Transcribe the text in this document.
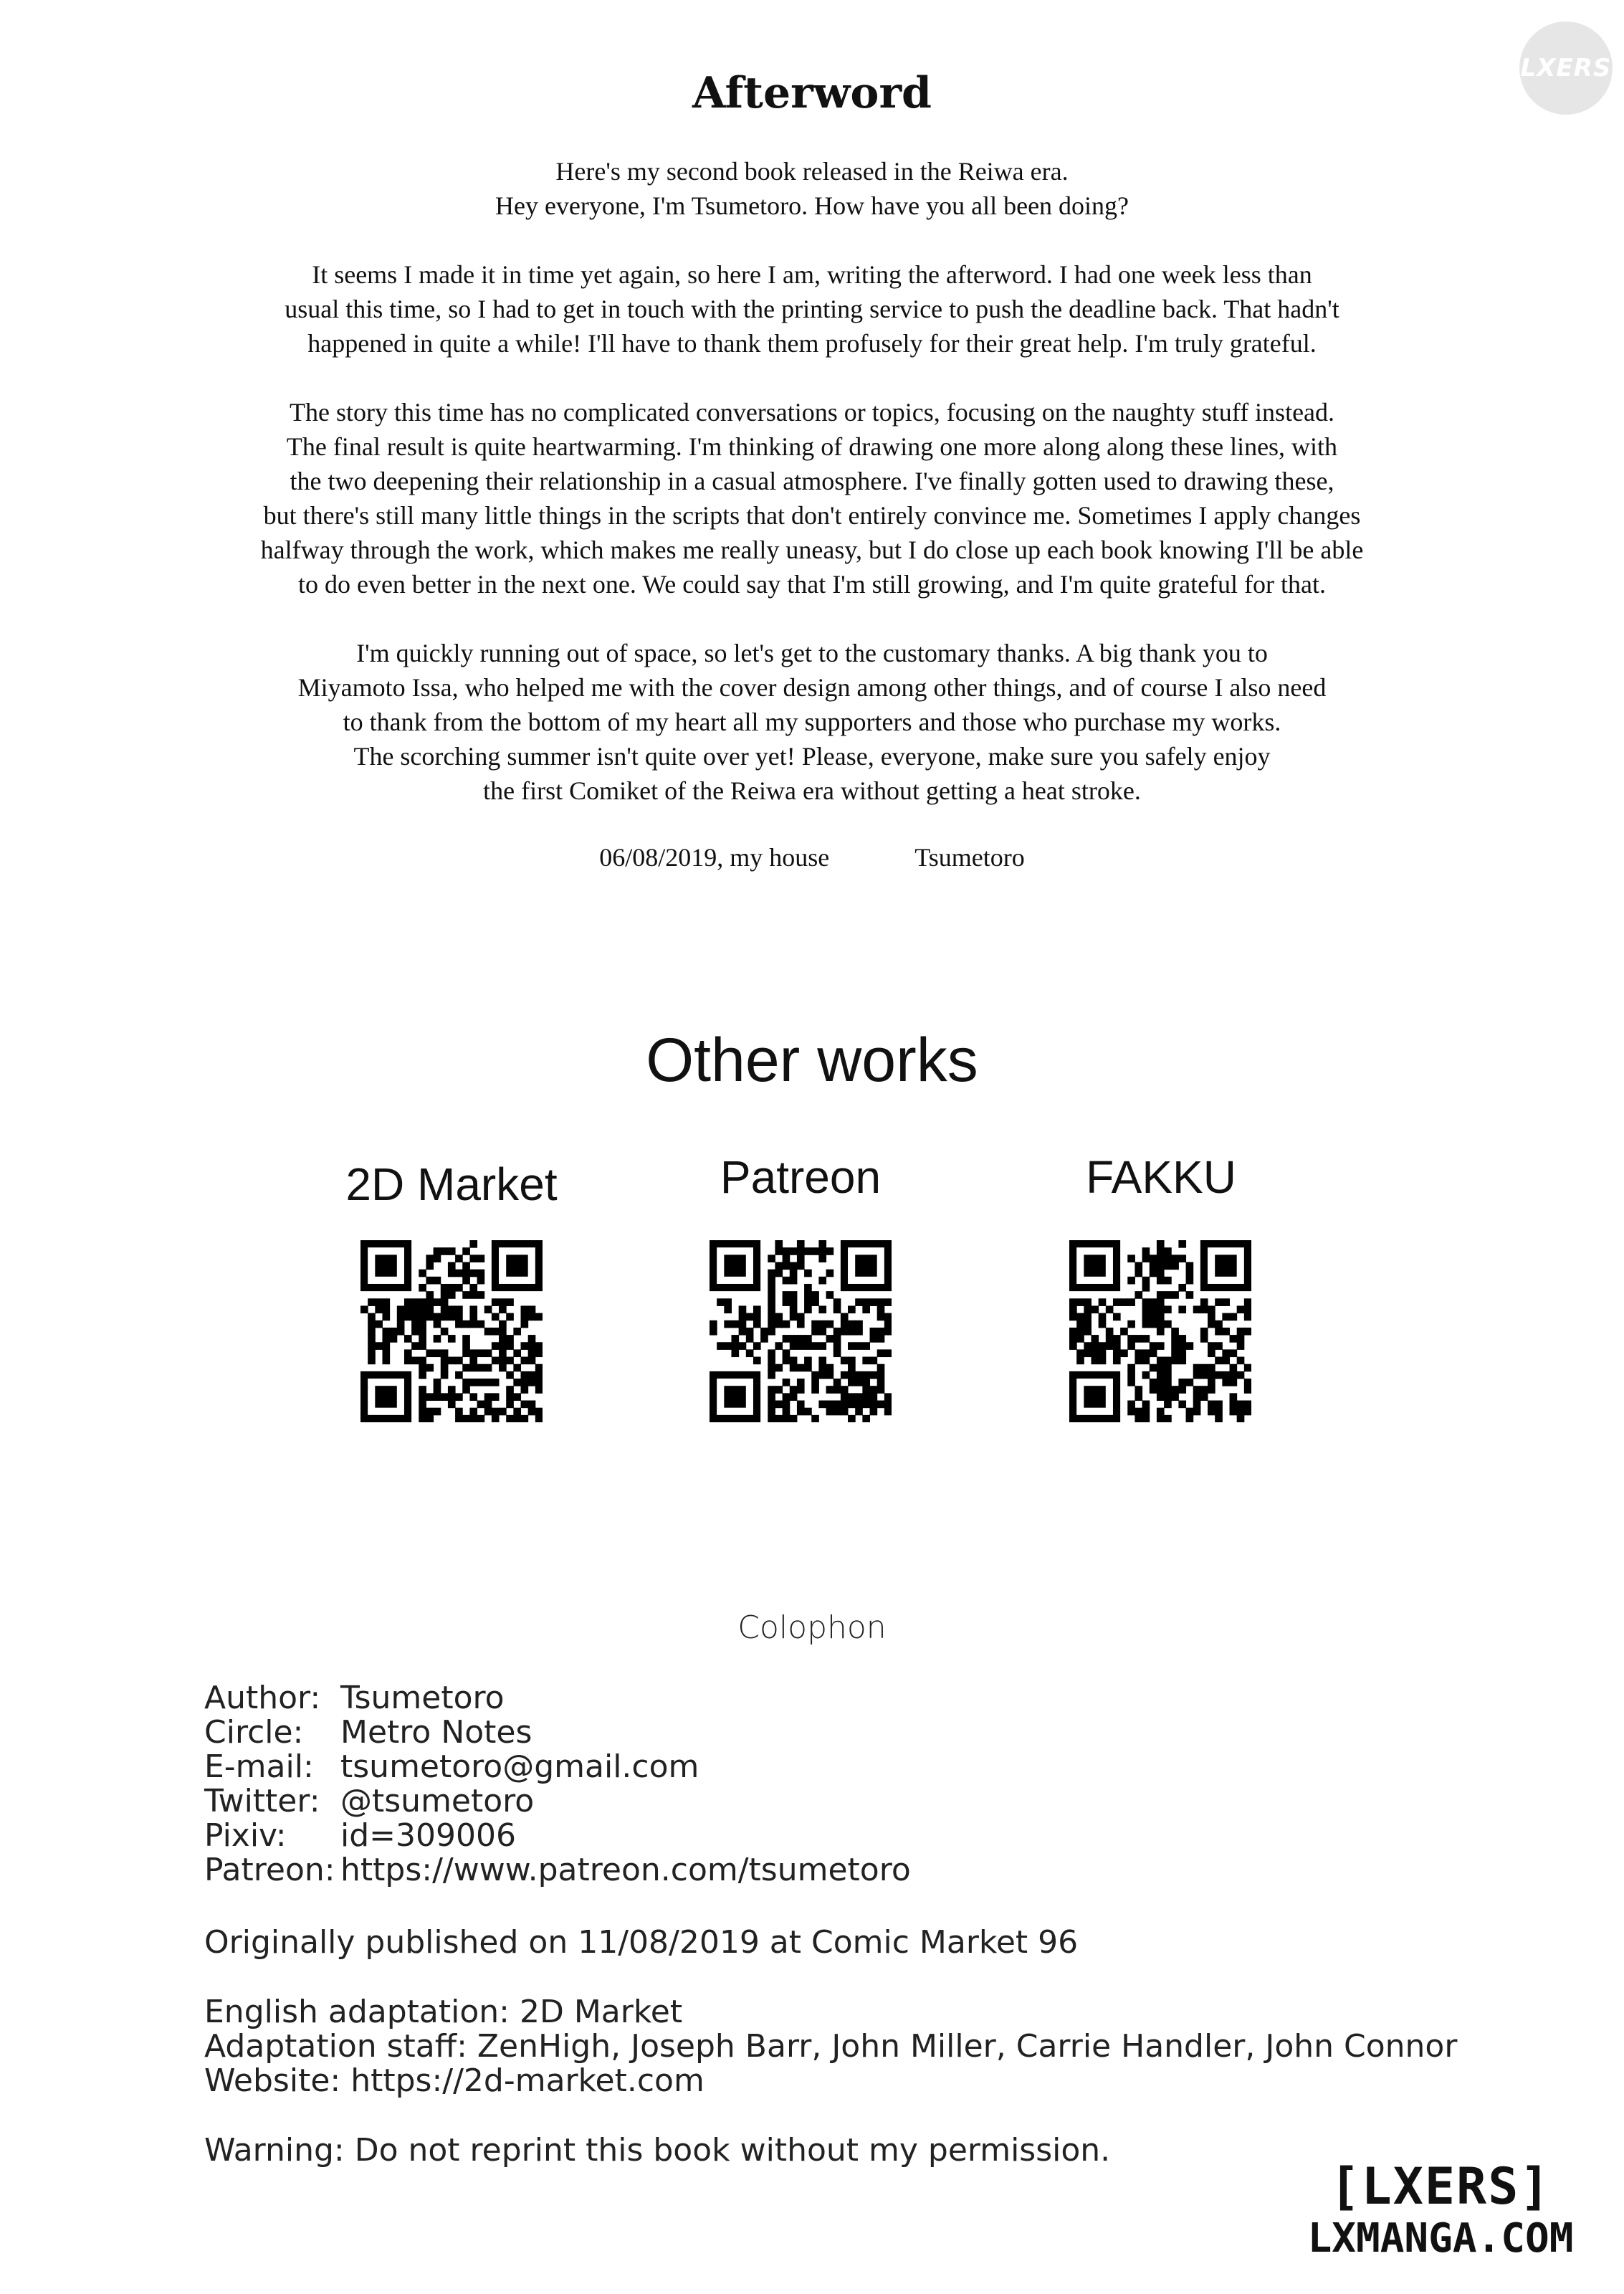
LXERS
Afterword

Here's my second book released in the Reiwa era.
Hey everyone, I'm Tsumetoro. How have you all been doing?

It seems I made it in time yet again, so here I am, writing the afterword. I had one week less than
usual this time, so I had to get in touch with the printing service to push the deadline back. That hadn't
happened in quite a while! I'll have to thank them profusely for their great help. I'm truly grateful.

The story this time has no complicated conversations or topics, focusing on the naughty stuff instead.
The final result is quite heartwarming. I'm thinking of drawing one more along along these lines, with
the two deepening their relationship in a casual atmosphere. I've finally gotten used to drawing these,
but there's still many little things in the scripts that don't entirely convince me. Sometimes I apply changes
halfway through the work, which makes me really uneasy, but I do close up each book knowing I'll be able
to do even better in the next one. We could say that I'm still growing, and I'm quite grateful for that.

I'm quickly running out of space, so let's get to the customary thanks. A big thank you to
Miyamoto Issa, who helped me with the cover design among other things, and of course I also need
to thank from the bottom of my heart all my supporters and those who purchase my works.
The scorching summer isn't quite over yet! Please, everyone, make sure you safely enjoy
the first Comiket of the Reiwa era without getting a heat stroke.

06/08/2019, my house	Tsumetoro
Other works
2D Market	Patreon	FAKKU
Colophon
Author: Tsumetoro
Circle:	Metro Notes
E-mail: tsumetoro@gmail.com
Twitter: @tsumetoro
Pixiv:	id=309006
Patreon: https://www.patreon.com/tsumetoro
Originally published on 11/08/2019 at Comic Market 96
English adaptation: 2D Market
Adaptation staff: ZenHigh, Joseph Barr, John Miller, Carrie Handler, John Connor
Website: https://2d-market.com
Warning: Do not reprint this book without my permission.
[LXERS]
LXMANGA.COM
